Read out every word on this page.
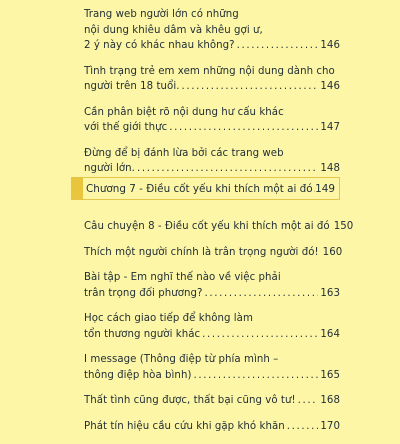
Trang web người lớn có những
nội dung khiêu dâm và khêu gợi ư,
2 ý này có khác nhau không? . . .	146
Tình trạng trẻ em xem những nội dung dành cho
người trên 18 tuổi. . . .	146
Cần phân biệt rõ nội dung hư cấu khác
với thế giới thực . . .	147
Đừng để bị đánh lừa bởi các trang web
người lớn. . . .	148
Chương 7 - Điều cốt yếu khi thích một ai đó . . . 149
Câu chuyện 8 - Điều cốt yếu khi thích một ai đó 150
Thích một người chính là trân trọng người đó! 160
Bài tập - Em nghĩ thế nào về việc phải
trân trọng đối phương? . . .	163
Học cách giao tiếp để không làm
tổn thương người khác . . .	164
I message (Thông điệp từ phía mình –
thông điệp hòa bình) . . .	165
Thất tình cũng được, thất bại cũng vô tư! . . . 168
Phát tín hiệu cầu cứu khi gặp khó khăn . . .	170
